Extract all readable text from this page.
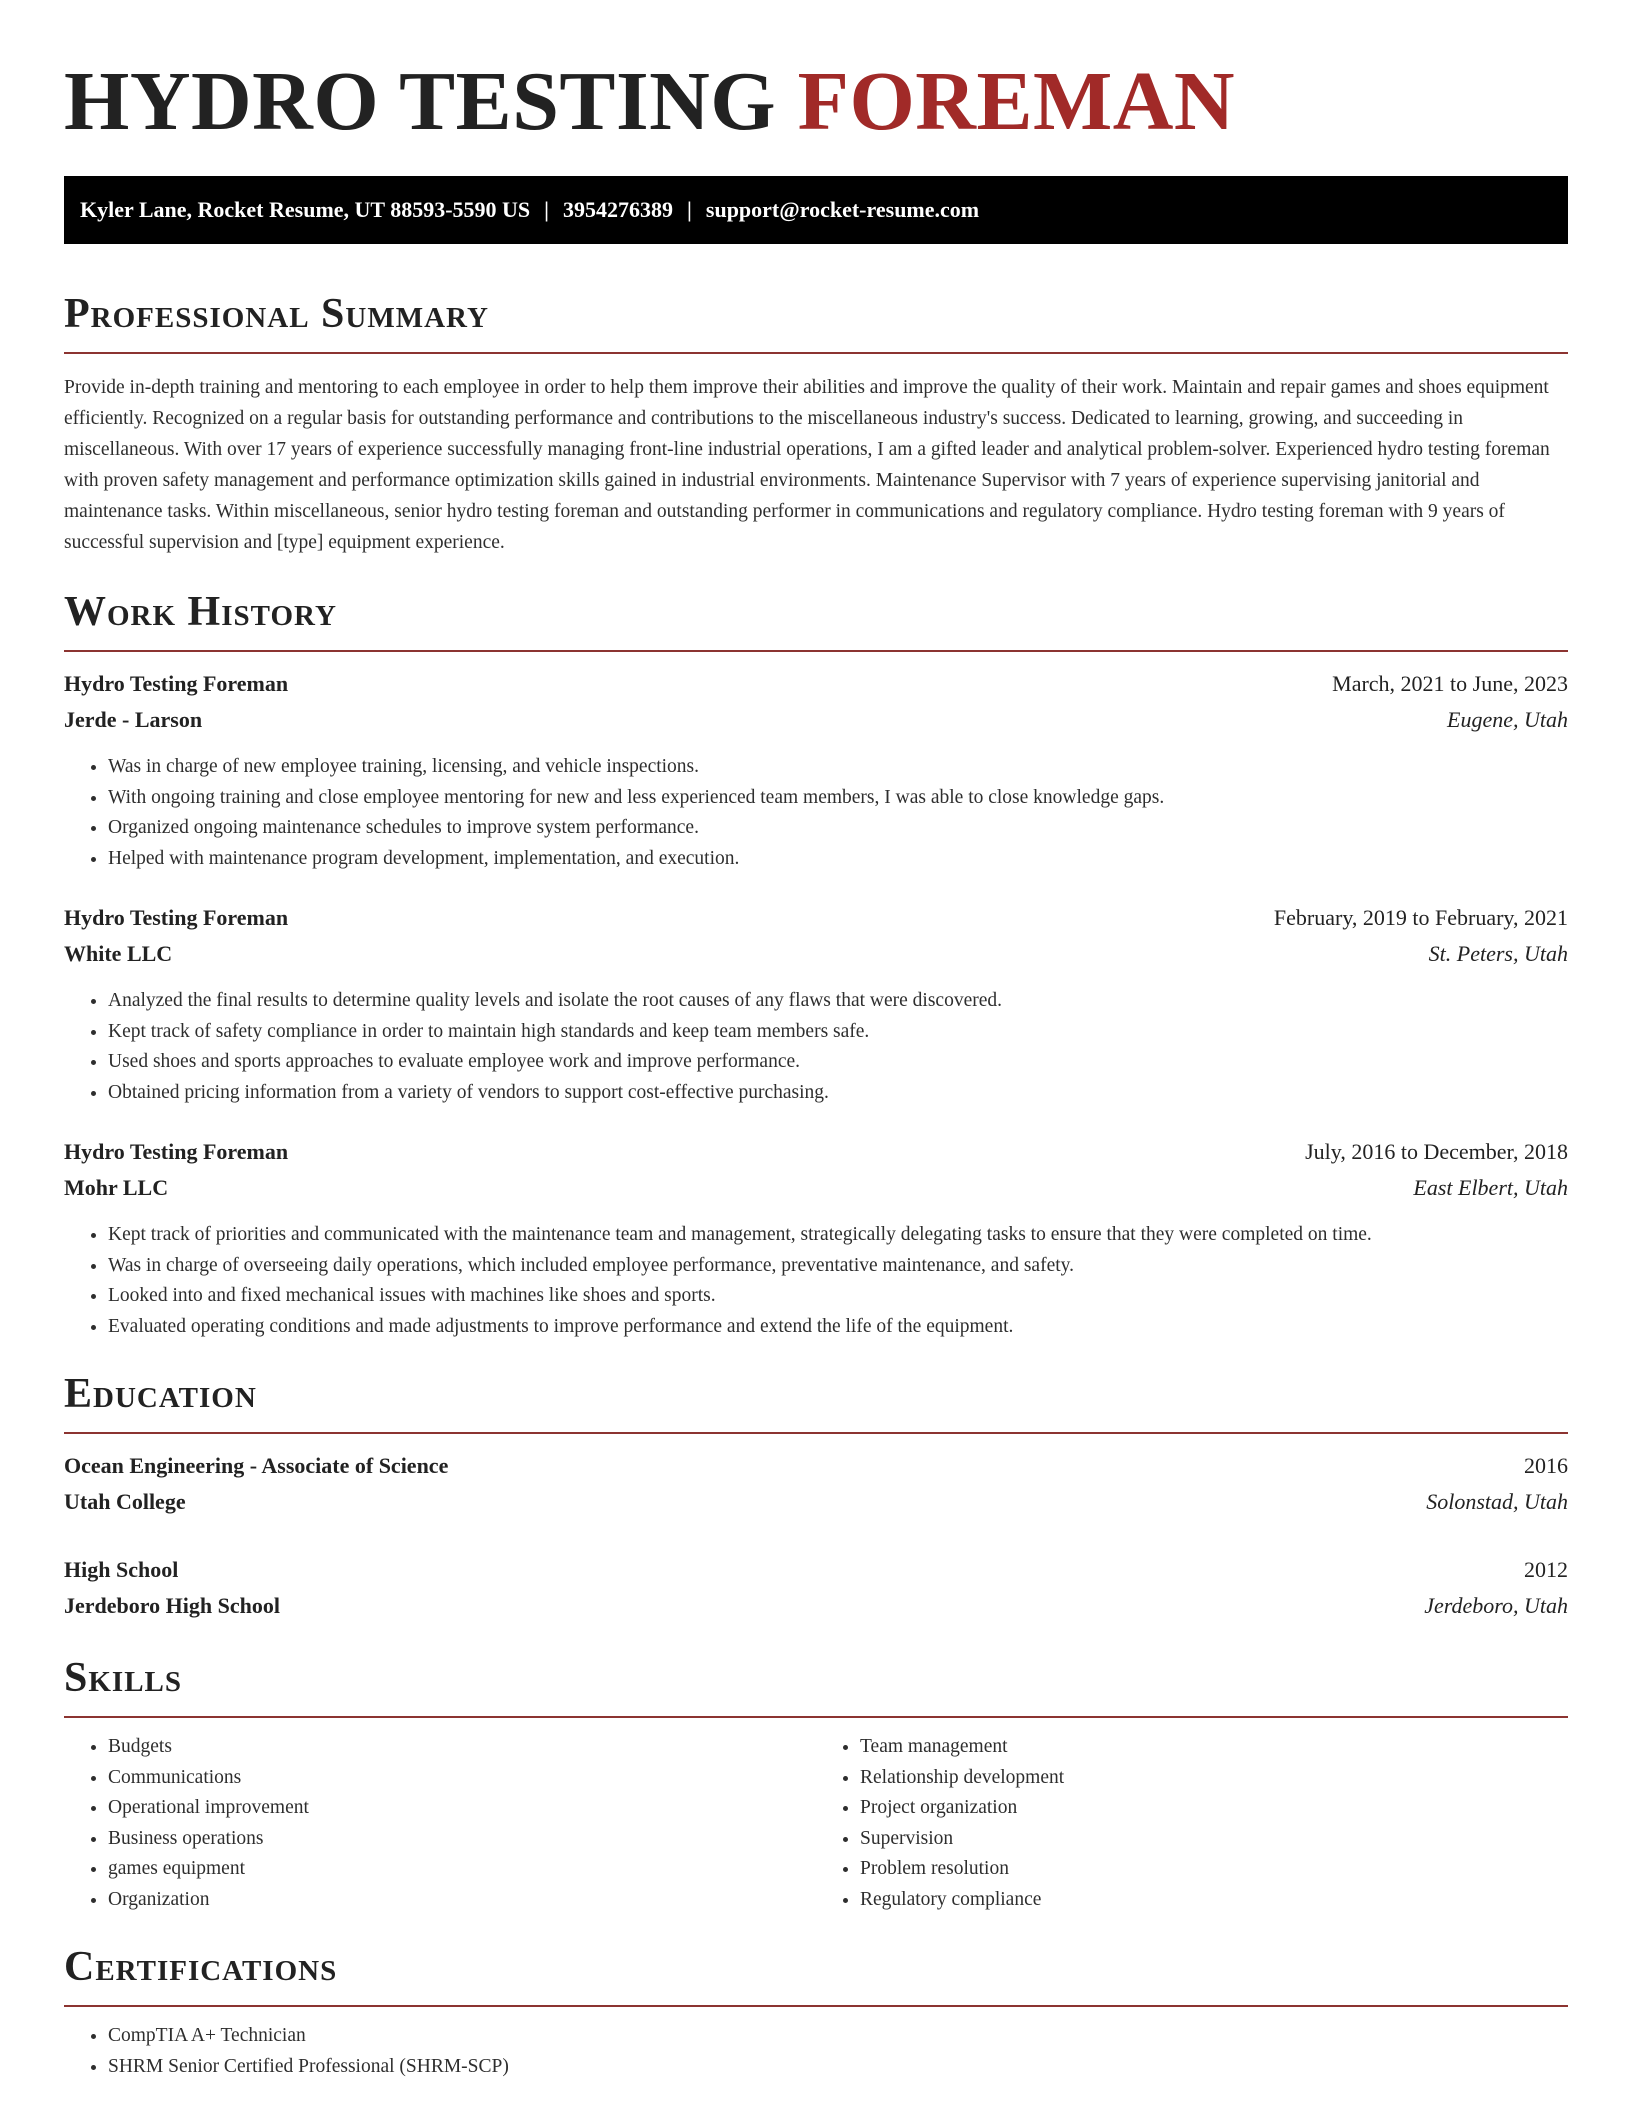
HYDRO TESTING FOREMAN
Kyler Lane, Rocket Resume, UT 88593-5590 US | 3954276389 | support@rocket-resume.com
Professional Summary

Provide in-depth training and mentoring to each employee in order to help them improve their abilities and improve the quality of their work. Maintain and repair games and shoes equipment efficiently. Recognized on a regular basis for outstanding performance and contributions to the miscellaneous industry's success. Dedicated to learning, growing, and succeeding in miscellaneous. With over 17 years of experience successfully managing front-line industrial operations, I am a gifted leader and analytical problem-solver. Experienced hydro testing foreman with proven safety management and performance optimization skills gained in industrial environments. Maintenance Supervisor with 7 years of experience supervising janitorial and maintenance tasks. Within miscellaneous, senior hydro testing foreman and outstanding performer in communications and regulatory compliance. Hydro testing foreman with 9 years of successful supervision and [type] equipment experience.

Work History
Hydro Testing Foreman	March, 2021 to June, 2023
Jerde - Larson	Eugene, Utah
• Was in charge of new employee training, licensing, and vehicle inspections.
• With ongoing training and close employee mentoring for new and less experienced team members, I was able to close knowledge gaps.
• Organized ongoing maintenance schedules to improve system performance.
• Helped with maintenance program development, implementation, and execution.
Hydro Testing Foreman	February, 2019 to February, 2021
White LLC	St. Peters, Utah
• Analyzed the final results to determine quality levels and isolate the root causes of any flaws that were discovered.
• Kept track of safety compliance in order to maintain high standards and keep team members safe.
• Used shoes and sports approaches to evaluate employee work and improve performance.
• Obtained pricing information from a variety of vendors to support cost-effective purchasing.
Hydro Testing Foreman	July, 2016 to December, 2018
Mohr LLC	East Elbert, Utah
• Kept track of priorities and communicated with the maintenance team and management, strategically delegating tasks to ensure that they were completed on time.
• Was in charge of overseeing daily operations, which included employee performance, preventative maintenance, and safety.
• Looked into and fixed mechanical issues with machines like shoes and sports.
• Evaluated operating conditions and made adjustments to improve performance and extend the life of the equipment.
Education
Ocean Engineering - Associate of Science	2016
Utah College	Solonstad, Utah
High School	2012
Jerdeboro High School	Jerdeboro, Utah
Skills
• Budgets
• Communications
• Operational improvement
• Business operations
• games equipment
• Organization
• Team management
• Relationship development
• Project organization
• Supervision
• Problem resolution
• Regulatory compliance
Certifications
• CompTIA A+ Technician
• SHRM Senior Certified Professional (SHRM-SCP)
